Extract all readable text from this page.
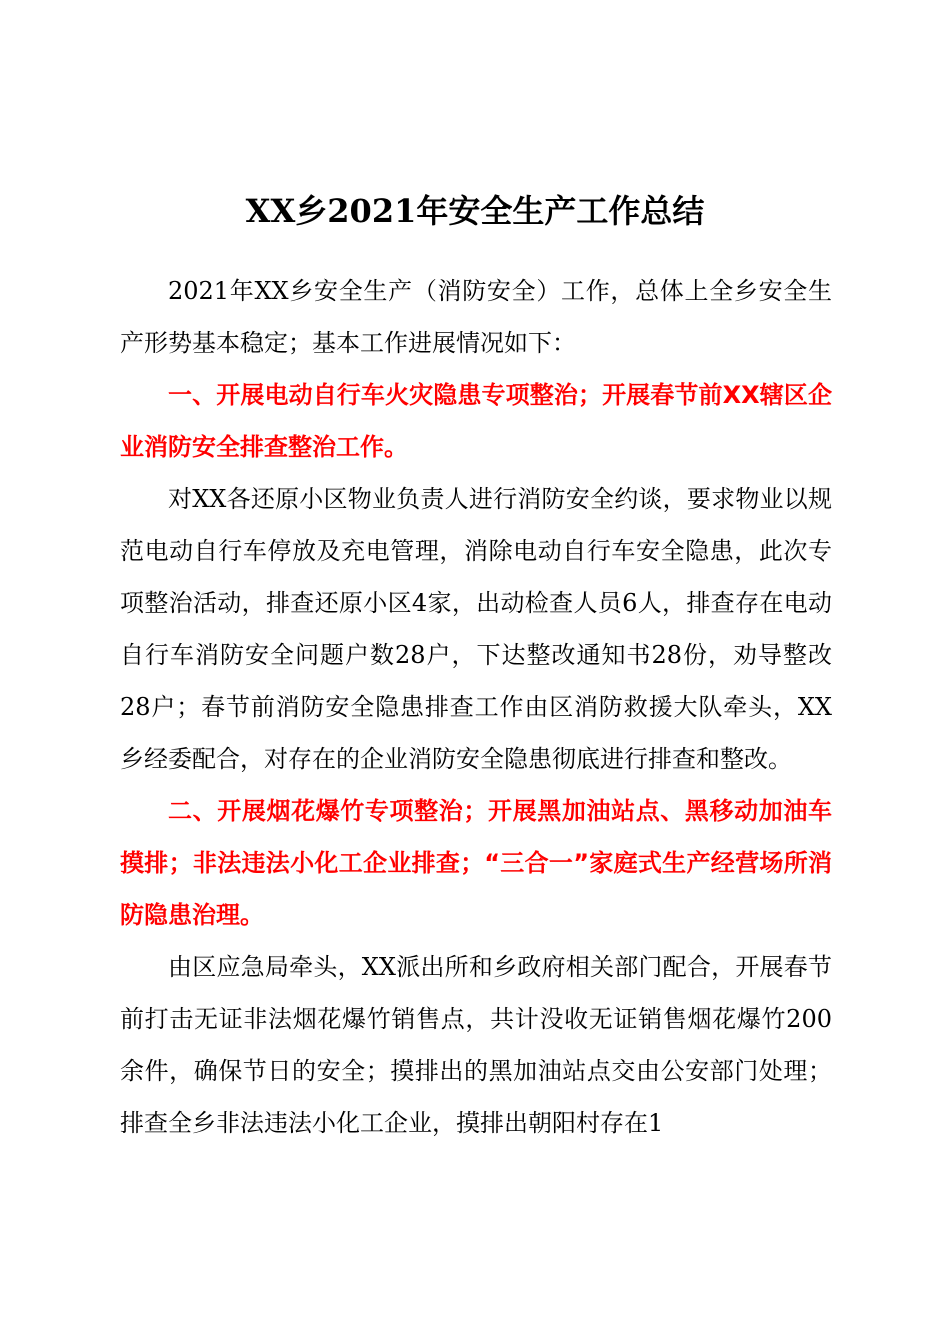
XX乡2021年安全生产工作总结

2021年XX乡安全生产（消防安全）工作，总体上全乡安全生产形势基本稳定；基本工作进展情况如下：

一、开展电动自行车火灾隐患专项整治；开展春节前XX辖区企业消防安全排查整治工作。

对XX各还原小区物业负责人进行消防安全约谈，要求物业以规范电动自行车停放及充电管理，消除电动自行车安全隐患，此次专项整治活动，排查还原小区4家，出动检查人员6人，排查存在电动自行车消防安全问题户数28户，下达整改通知书28份，劝导整改28户；春节前消防安全隐患排查工作由区消防救援大队牵头，XX乡经委配合，对存在的企业消防安全隐患彻底进行排查和整改。

二、开展烟花爆竹专项整治；开展黑加油站点、黑移动加油车摸排；非法违法小化工企业排查；“三合一”家庭式生产经营场所消防隐患治理。

由区应急局牵头，XX派出所和乡政府相关部门配合，开展春节前打击无证非法烟花爆竹销售点，共计没收无证销售烟花爆竹200余件，确保节日的安全；摸排出的黑加油站点交由公安部门处理；排查全乡非法违法小化工企业，摸排出朝阳村存在1
